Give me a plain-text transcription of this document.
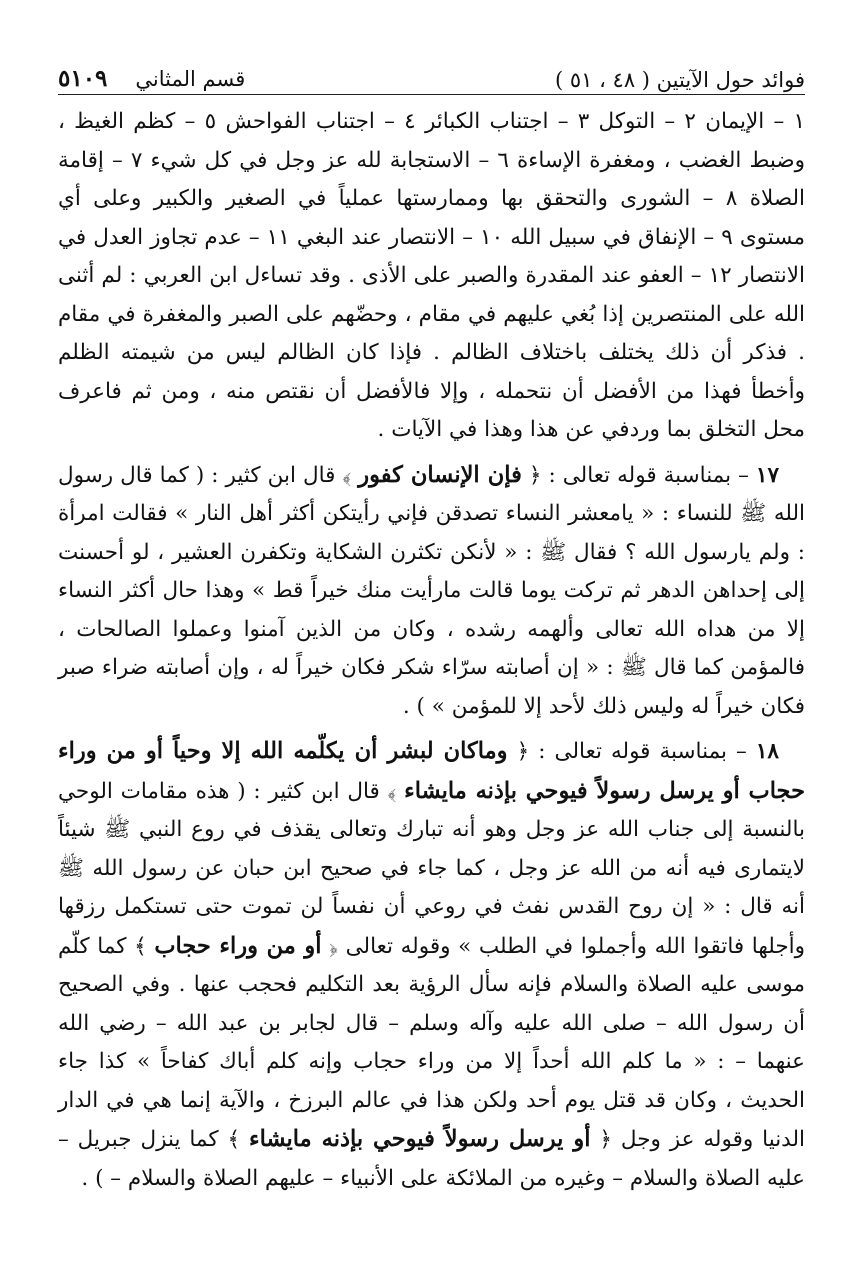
فوائد حول الآيتين ( ٤٨ ، ٥١ )
قسم المثاني
٥١٠٩

١ – الإيمان ٢ – التوكل ٣ – اجتناب الكبائر ٤ – اجتناب الفواحش ٥ – كظم الغيظ ، وضبط الغضب ، ومغفرة الإساءة ٦ – الاستجابة لله عز وجل في كل شيء ٧ – إقامة الصلاة ٨ – الشورى والتحقق بها وممارستها عملياً في الصغير والكبير وعلى أي مستوى ٩ – الإنفاق في سبيل الله ١٠ – الانتصار عند البغي ١١ – عدم تجاوز العدل في الانتصار ١٢ – العفو عند المقدرة والصبر على الأذى . وقد تساءل ابن العربي : لم أثنى الله على المنتصرين إذا بُغي عليهم في مقام ، وحضّهم على الصبر والمغفرة في مقام . فذكر أن ذلك يختلف باختلاف الظالم . فإذا كان الظالم ليس من شيمته الظلم وأخطأ فهذا من الأفضل أن نتحمله ، وإلا فالأفضل أن نقتص منه ، ومن ثم فاعرف محل التخلق بما وردفي عن هذا وهذا في الآيات .

١٧ – بمناسبة قوله تعالى : ﴿ فإن الإنسان كفور ﴾ قال ابن كثير : ( كما قال رسول الله ﷺ للنساء : « يامعشر النساء تصدقن فإني رأيتكن أكثر أهل النار » فقالت امرأة : ولم يارسول الله ؟ فقال ﷺ : « لأنكن تكثرن الشكاية وتكفرن العشير ، لو أحسنت إلى إحداهن الدهر ثم تركت يوما قالت مارأيت منك خيراً قط » وهذا حال أكثر النساء إلا من هداه الله تعالى وألهمه رشده ، وكان من الذين آمنوا وعملوا الصالحات ، فالمؤمن كما قال ﷺ : « إن أصابته سرّاء شكر فكان خيراً له ، وإن أصابته ضراء صبر فكان خيراً له وليس ذلك لأحد إلا للمؤمن » ) .

١٨ – بمناسبة قوله تعالى : ﴿ وماكان لبشر أن يكلّمه الله إلا وحياً أو من وراء حجاب أو يرسل رسولاً فيوحي بإذنه مايشاء ﴾ قال ابن كثير : ( هذه مقامات الوحي بالنسبة إلى جناب الله عز وجل وهو أنه تبارك وتعالى يقذف في روع النبي ﷺ شيئاً لايتمارى فيه أنه من الله عز وجل ، كما جاء في صحيح ابن حبان عن رسول الله ﷺ أنه قال : « إن روح القدس نفث في روعي أن نفساً لن تموت حتى تستكمل رزقها وأجلها فاتقوا الله وأجملوا في الطلب » وقوله تعالى ﴿ أو من وراء حجاب ﴾ كما كلّم موسى عليه الصلاة والسلام فإنه سأل الرؤية بعد التكليم فحجب عنها . وفي الصحيح أن رسول الله – صلى الله عليه وآله وسلم – قال لجابر بن عبد الله – رضي الله عنهما – : « ما كلم الله أحداً إلا من وراء حجاب وإنه كلم أباك كفاحاً » كذا جاء الحديث ، وكان قد قتل يوم أحد ولكن هذا في عالم البرزخ ، والآية إنما هي في الدار الدنيا وقوله عز وجل ﴿ أو يرسل رسولاً فيوحي بإذنه مايشاء ﴾ كما ينزل جبريل – عليه الصلاة والسلام – وغيره من الملائكة على الأنبياء – عليهم الصلاة والسلام – ) .
